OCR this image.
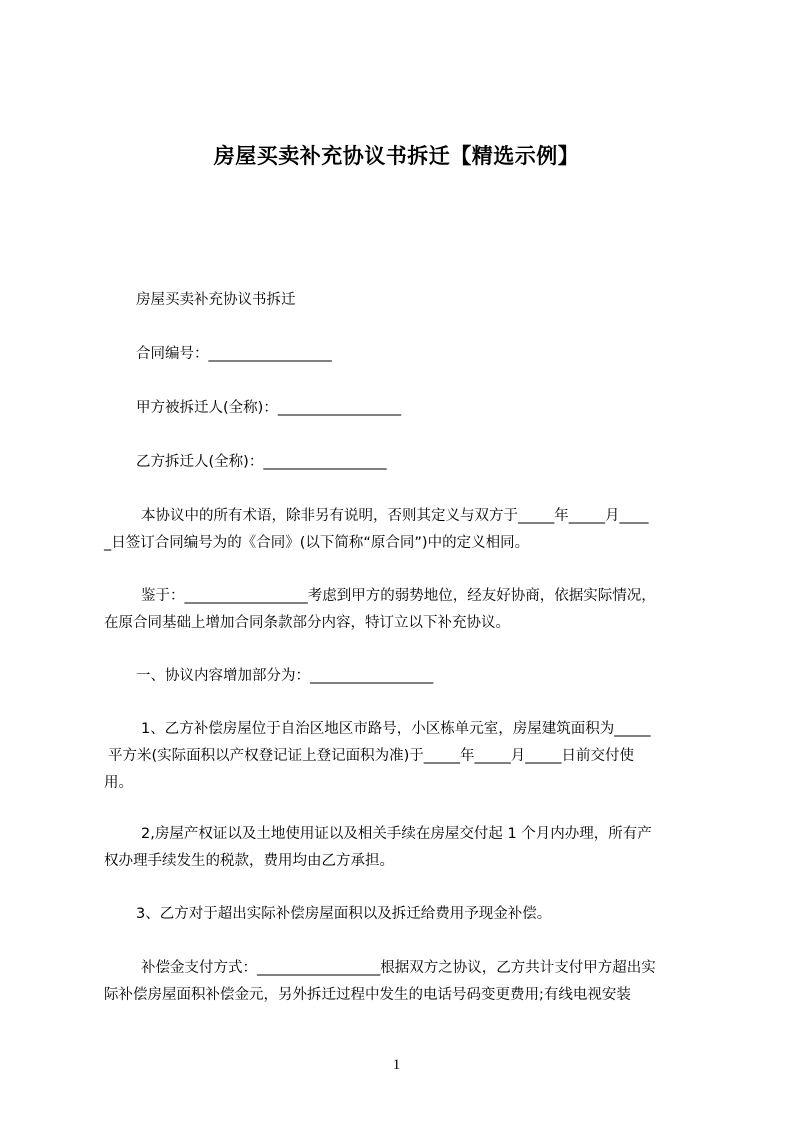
房屋买卖补充协议书拆迁【精选示例】

房屋买卖补充协议书拆迁

合同编号：_________________

甲方被拆迁人(全称)：_________________

乙方拆迁人(全称)：_________________

本协议中的所有术语，除非另有说明，否则其定义与双方于_____年_____月____
_日签订合同编号为的《合同》(以下简称“原合同”)中的定义相同。

鉴于：_________________考虑到甲方的弱势地位，经友好协商，依据实际情况，
在原合同基础上增加合同条款部分内容，特订立以下补充协议。

一、协议内容增加部分为：_________________

1、乙方补偿房屋位于自治区地区市路号，小区栋单元室，房屋建筑面积为_____
平方米(实际面积以产权登记证上登记面积为准)于_____年_____月_____日前交付使
用。

2,房屋产权证以及土地使用证以及相关手续在房屋交付起 1 个月内办理，所有产
权办理手续发生的税款，费用均由乙方承担。

3、乙方对于超出实际补偿房屋面积以及拆迁给费用予现金补偿。

补偿金支付方式：_________________根据双方之协议，乙方共计支付甲方超出实
际补偿房屋面积补偿金元，另外拆迁过程中发生的电话号码变更费用;有线电视安装

1
